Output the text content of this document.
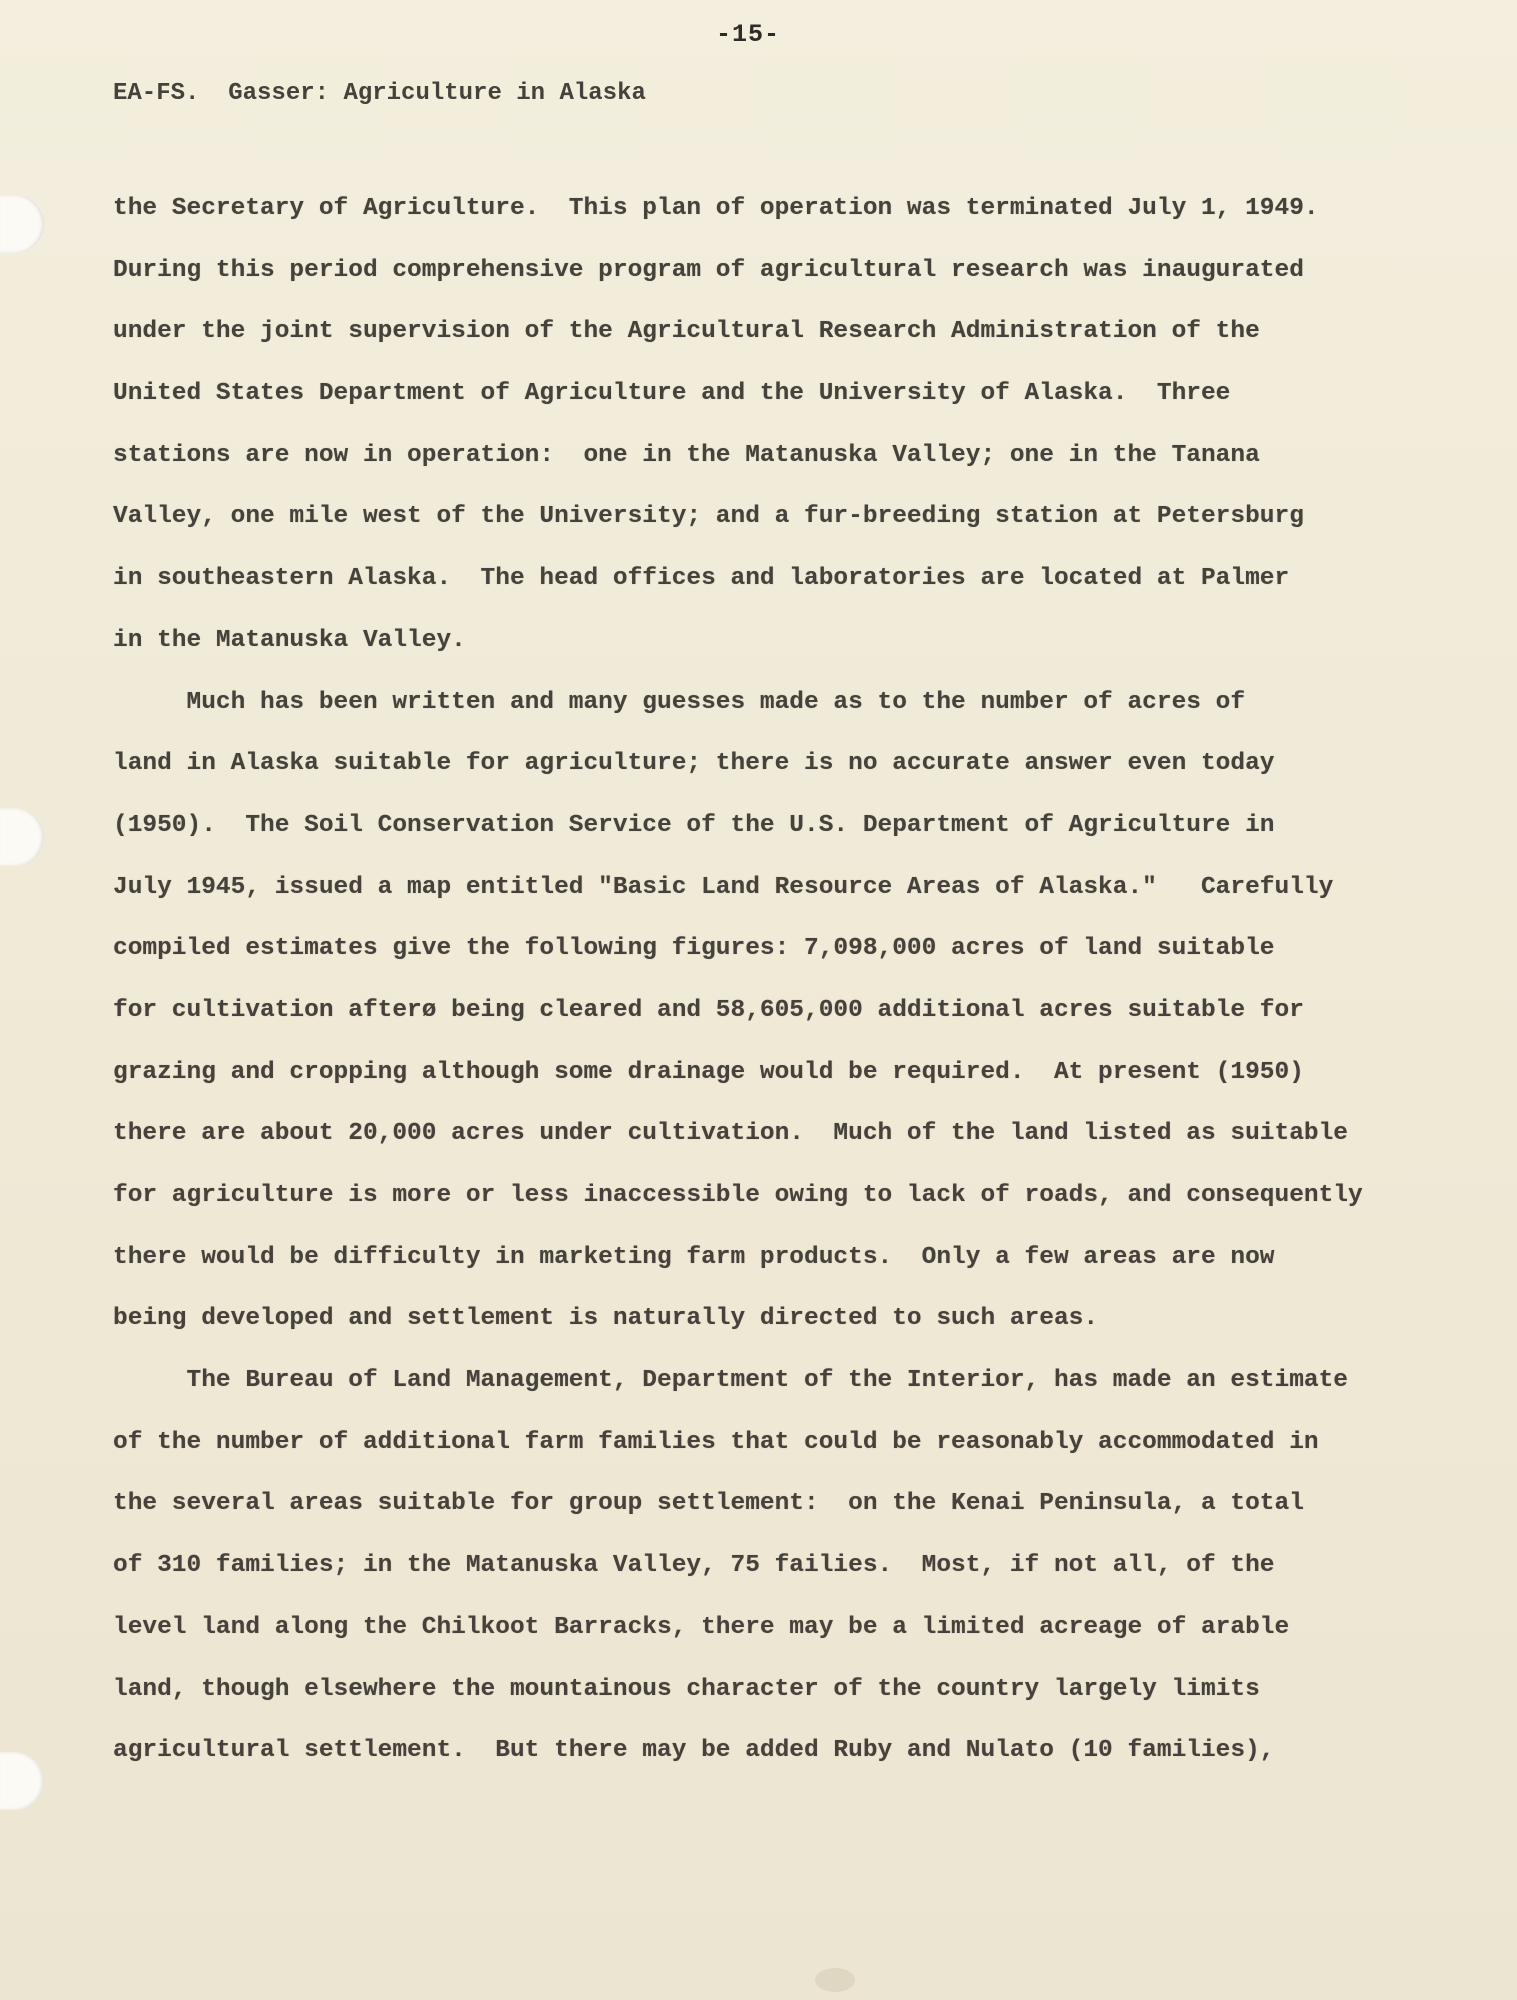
-15-
EA-FS.  Gasser: Agriculture in Alaska
the Secretary of Agriculture.  This plan of operation was terminated July 1, 1949.
During this period comprehensive program of agricultural research was inaugurated
under the joint supervision of the Agricultural Research Administration of the
United States Department of Agriculture and the University of Alaska.  Three
stations are now in operation:  one in the Matanuska Valley; one in the Tanana
Valley, one mile west of the University; and a fur-breeding station at Petersburg
in southeastern Alaska.  The head offices and laboratories are located at Palmer
in the Matanuska Valley.
Much has been written and many guesses made as to the number of acres of
land in Alaska suitable for agriculture; there is no accurate answer even today
(1950).  The Soil Conservation Service of the U.S. Department of Agriculture in
July 1945, issued a map entitled "Basic Land Resource Areas of Alaska."   Carefully
compiled estimates give the following figures: 7,098,000 acres of land suitable
for cultivation afterø being cleared and 58,605,000 additional acres suitable for
grazing and cropping although some drainage would be required.  At present (1950)
there are about 20,000 acres under cultivation.  Much of the land listed as suitable
for agriculture is more or less inaccessible owing to lack of roads, and consequently
there would be difficulty in marketing farm products.  Only a few areas are now
being developed and settlement is naturally directed to such areas.
The Bureau of Land Management, Department of the Interior, has made an estimate
of the number of additional farm families that could be reasonably accommodated in
the several areas suitable for group settlement:  on the Kenai Peninsula, a total
of 310 families; in the Matanuska Valley, 75 failies.  Most, if not all, of the
level land along the Chilkoot Barracks, there may be a limited acreage of arable
land, though elsewhere the mountainous character of the country largely limits
agricultural settlement.  But there may be added Ruby and Nulato (10 families),
